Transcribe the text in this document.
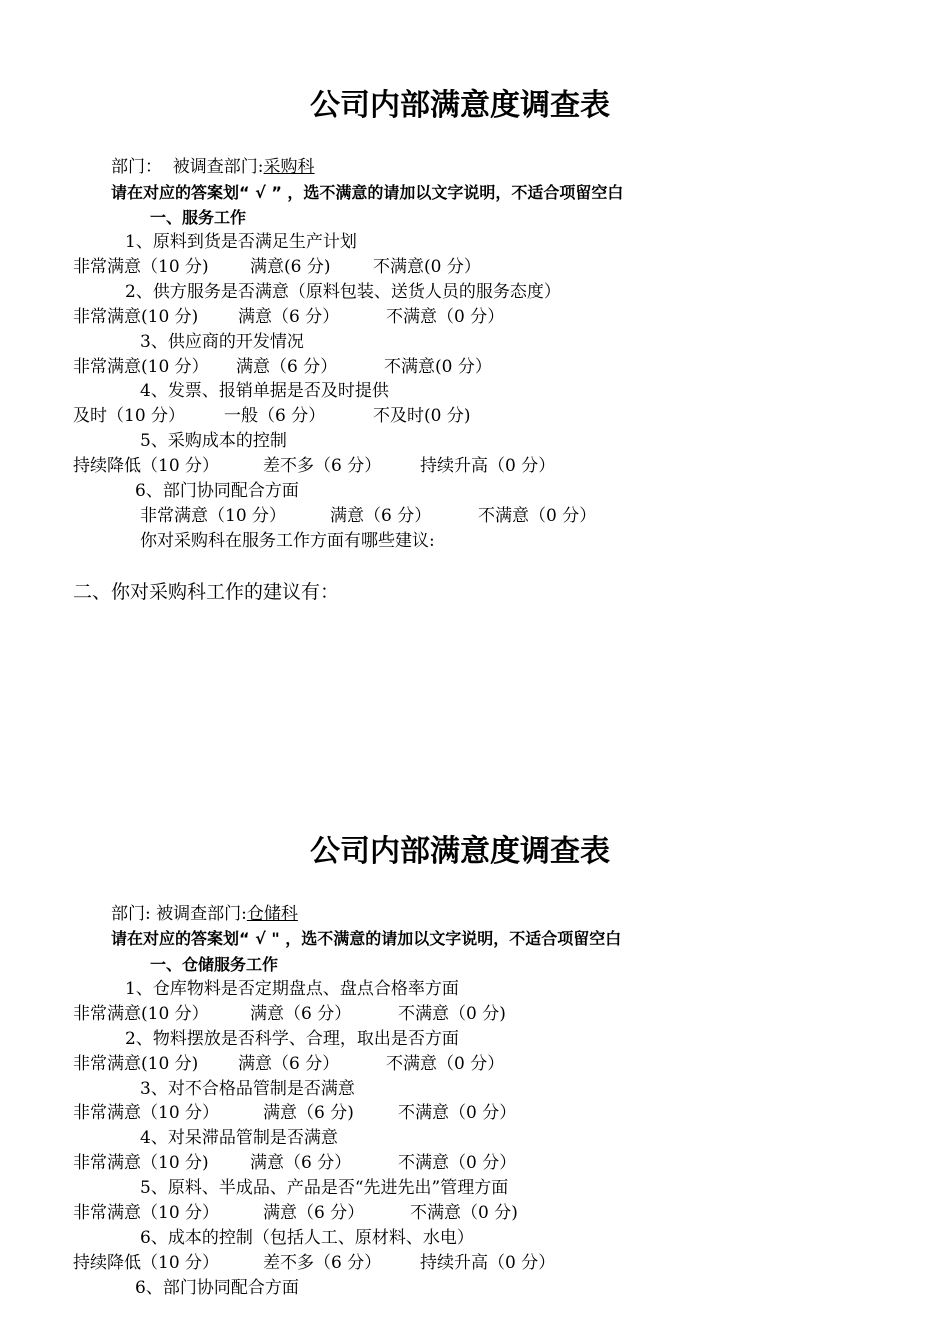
公司内部满意度调查表
部门：  被调查部门:采购科
请在对应的答案划“ √ ” ，选不满意的请加以文字说明，不适合项留空白
一、服务工作
1、原料到货是否满足生产计划
非常满意（10 分) 满意(6 分)	不满意(0 分）
2、供方服务是否满意（原料包装、送货人员的服务态度）
非常满意(10 分) 满意（6 分）	不满意（0 分）
3、供应商的开发情况
非常满意(10 分） 满意（6 分）	不满意(0 分）
4、发票、报销单据是否及时提供
及时（10 分） 一般（6 分）	不及时(0 分)
5、采购成本的控制
持续降低（10 分）	差不多（6 分） 持续升高（0 分）
6、部门协同配合方面
非常满意（10 分）	满意（6 分）	不满意（0 分）
你对采购科在服务工作方面有哪些建议:
二、你对采购科工作的建议有：
公司内部满意度调查表
部门: 被调查部门:仓储科
请在对应的答案划“ √ " ，选不满意的请加以文字说明，不适合项留空白
一、仓储服务工作
1、仓库物料是否定期盘点、盘点合格率方面
非常满意(10 分） 满意（6 分）	不满意（0 分)
2、物料摆放是否科学、合理，取出是否方面
非常满意(10 分) 满意（6 分）	不满意（0 分）
3、对不合格品管制是否满意
非常满意（10 分）	满意（6 分)	不满意（0 分）
4、对呆滞品管制是否满意
非常满意（10 分) 满意（6 分）	不满意（0 分）
5、原料、半成品、产品是否“先进先出”管理方面
非常满意（10 分）	满意（6 分）	不满意（0 分)
6、成本的控制（包括人工、原材料、水电）
持续降低（10 分）	差不多（6 分） 持续升高（0 分）
6、部门协同配合方面
